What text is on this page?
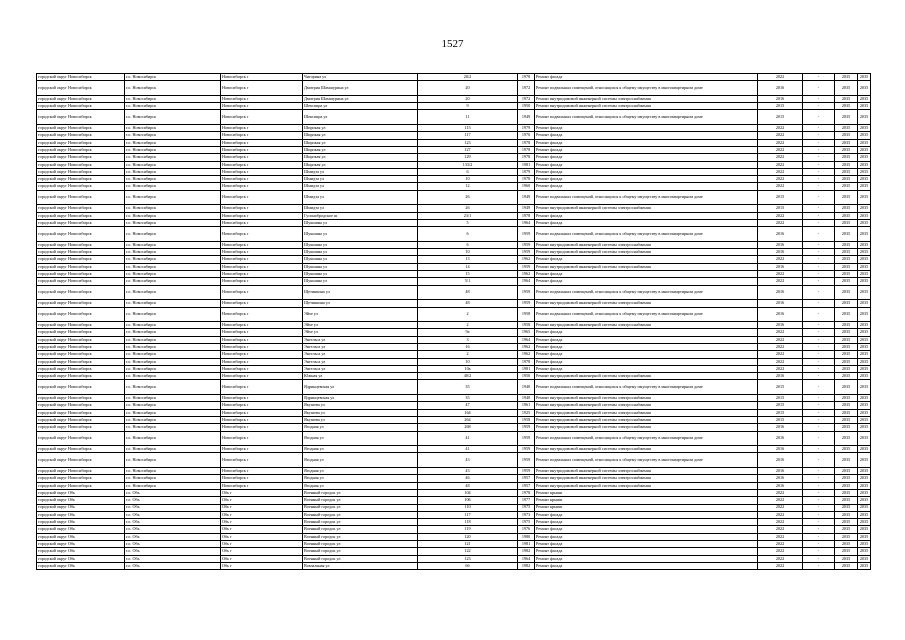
1527
городской округ Новосибирск	г.о. Новосибирск	Новосибирск г	Чигорина ул	20/2	1978	Ремонт фасада	2022	-	2035	2035
городской округ Новосибирск	г.о. Новосибирск	Новосибирск г	Дмитрия Шамшурина ул	20	1972	Ремонт подвальных помещений, относящихся к общему имуществу в многоквартирном доме	2016	-	2035	2035
городской округ Новосибирск	г.о. Новосибирск	Новосибирск г	Дмитрия Шамшурина ул	20	1972	Ремонт внутридомовой инженерной системы электроснабжения	2016	-	2035	2035
городской округ Новосибирск	г.о. Новосибирск	Новосибирск г	Шекспира ул	9	1950	Ремонт внутридомовой инженерной системы электроснабжения	2015	-	2035	2035
городской округ Новосибирск	г.о. Новосибирск	Новосибирск г	Шекспира ул	11	1949	Ремонт подвальных помещений, относящихся к общему имуществу в многоквартирном доме	2015	-	2035	2035
городской округ Новосибирск	г.о. Новосибирск	Новосибирск г	Широкая ул	115	1979	Ремонт фасада	2022	-	2035	2035
городской округ Новосибирск	г.о. Новосибирск	Новосибирск г	Широкая ул	117	1976	Ремонт фасада	2022	-	2035	2035
городской округ Новосибирск	г.о. Новосибирск	Новосибирск г	Широкая ул	123	1978	Ремонт фасада	2022	-	2035	2035
городской округ Новосибирск	г.о. Новосибирск	Новосибирск г	Широкая ул	127	1978	Ремонт фасада	2022	-	2035	2035
городской округ Новосибирск	г.о. Новосибирск	Новосибирск г	Широкая ул	129	1978	Ремонт фасада	2022	-	2035	2035
городской округ Новосибирск	г.о. Новосибирск	Новосибирск г	Широкая ул	133/2	1981	Ремонт фасада	2022	-	2035	2035
городской округ Новосибирск	г.о. Новосибирск	Новосибирск г	Шмидта ул	6	1979	Ремонт фасада	2022	-	2035	2035
городской округ Новосибирск	г.о. Новосибирск	Новосибирск г	Шмидта ул	10	1978	Ремонт фасада	2022	-	2035	2035
городской округ Новосибирск	г.о. Новосибирск	Новосибирск г	Шмидта ул	12	1960	Ремонт фасада	2022	-	2035	2035
городской округ Новосибирск	г.о. Новосибирск	Новосибирск г	Шмидта ул	26	1949	Ремонт подвальных помещений, относящихся к общему имуществу в многоквартирном доме	2015	-	2035	2035
городской округ Новосибирск	г.о. Новосибирск	Новосибирск г	Шмидта ул	26	1949	Ремонт внутридомовой инженерной системы электроснабжения	2015	-	2035	2035
городской округ Новосибирск	г.о. Новосибирск	Новосибирск г	Гусинобродское ш	23/1	1978	Ремонт фасада	2022	-	2035	2035
городской округ Новосибирск	г.о. Новосибирск	Новосибирск г	Шукшина ул	5	1964	Ремонт фасада	2022	-	2035	2035
городской округ Новосибирск	г.о. Новосибирск	Новосибирск г	Шукшина ул	6	1959	Ремонт подвальных помещений, относящихся к общему имуществу в многоквартирном доме	2016	-	2035	2035
городской округ Новосибирск	г.о. Новосибирск	Новосибирск г	Шукшина ул	6	1959	Ремонт внутридомовой инженерной системы электроснабжения	2016	-	2035	2035
городской округ Новосибирск	г.о. Новосибирск	Новосибирск г	Шукшина ул	10	1959	Ремонт внутридомовой инженерной системы электроснабжения	2016	-	2035	2035
городской округ Новосибирск	г.о. Новосибирск	Новосибирск г	Шукшина ул	13	1962	Ремонт фасада	2022	-	2035	2035
городской округ Новосибирск	г.о. Новосибирск	Новосибирск г	Шукшина ул	14	1959	Ремонт внутридомовой инженерной системы электроснабжения	2016	-	2035	2035
городской округ Новосибирск	г.о. Новосибирск	Новосибирск г	Шукшина ул	15	1962	Ремонт фасада	2022	-	2035	2035
городской округ Новосибирск	г.о. Новосибирск	Новосибирск г	Шукшина ул	5/1	1964	Ремонт фасада	2022	-	2035	2035
городской округ Новосибирск	г.о. Новосибирск	Новосибирск г	Щетинкина ул	48	1959	Ремонт подвальных помещений, относящихся к общему имуществу в многоквартирном доме	2016	-	2035	2035
городской округ Новосибирск	г.о. Новосибирск	Новосибирск г	Щетинкина ул	48	1959	Ремонт внутридомовой инженерной системы электроснабжения	2016	-	2035	2035
городской округ Новосибирск	г.о. Новосибирск	Новосибирск г	Эйхе ул	2	1958	Ремонт подвальных помещений, относящихся к общему имуществу в многоквартирном доме	2016	-	2035	2035
городской округ Новосибирск	г.о. Новосибирск	Новосибирск г	Эйхе ул	2	1958	Ремонт внутридомовой инженерной системы электроснабжения	2016	-	2035	2035
городской округ Новосибирск	г.о. Новосибирск	Новосибирск г	Эйхе ул	9а	1965	Ремонт фасада	2022	-	2035	2035
городской округ Новосибирск	г.о. Новосибирск	Новосибирск г	Энгельса ул	3	1964	Ремонт фасада	2022	-	2035	2035
городской округ Новосибирск	г.о. Новосибирск	Новосибирск г	Энгельса ул	16	1962	Ремонт фасада	2022	-	2035	2035
городской округ Новосибирск	г.о. Новосибирск	Новосибирск г	Энгельса ул	2	1962	Ремонт фасада	2022	-	2035	2035
городской округ Новосибирск	г.о. Новосибирск	Новосибирск г	Энгельса ул	10	1978	Ремонт фасада	2022	-	2035	2035
городской округ Новосибирск	г.о. Новосибирск	Новосибирск г	Энгельса ул	10а	1981	Ремонт фасада	2022	-	2035	2035
городской округ Новосибирск	г.о. Новосибирск	Новосибирск г	Южная ул	40/2	1950	Ремонт внутридомовой инженерной системы электроснабжения	2016	-	2035	2035
городской округ Новосибирск	г.о. Новосибирск	Новосибирск г	Ядринцевская ул	35	1940	Ремонт подвальных помещений, относящихся к общему имуществу в многоквартирном доме	2015	-	2035	2035
городской округ Новосибирск	г.о. Новосибирск	Новосибирск г	Ядринцевская ул	35	1940	Ремонт внутридомовой инженерной системы электроснабжения	2015	-	2035	2035
городской округ Новосибирск	г.о. Новосибирск	Новосибирск г	Якушева ул	47	1961	Ремонт внутридомовой инженерной системы электроснабжения	2015	-	2035	2035
городской округ Новосибирск	г.о. Новосибирск	Новосибирск г	Якушева ул	164	1925	Ремонт внутридомовой инженерной системы электроснабжения	2015	-	2035	2035
городской округ Новосибирск	г.о. Новосибирск	Новосибирск г	Якушева ул	264	1958	Ремонт внутридомовой инженерной системы электроснабжения	2015	-	2035	2035
городской округ Новосибирск	г.о. Новосибирск	Новосибирск г	Ягодная ул	268	1959	Ремонт внутридомовой инженерной системы электроснабжения	2016	-	2035	2035
городской округ Новосибирск	г.о. Новосибирск	Новосибирск г	Ягодная ул	41	1959	Ремонт подвальных помещений, относящихся к общему имуществу в многоквартирном доме	2016	-	2035	2035
городской округ Новосибирск	г.о. Новосибирск	Новосибирск г	Ягодная ул	41	1959	Ремонт внутридомовой инженерной системы электроснабжения	2016	-	2035	2035
городской округ Новосибирск	г.о. Новосибирск	Новосибирск г	Ягодная ул	43	1959	Ремонт подвальных помещений, относящихся к общему имуществу в многоквартирном доме	2016	-	2035	2035
городской округ Новосибирск	г.о. Новосибирск	Новосибирск г	Ягодная ул	43	1959	Ремонт внутридомовой инженерной системы электроснабжения	2016	-	2035	2035
городской округ Новосибирск	г.о. Новосибирск	Новосибирск г	Ягодная ул	46	1957	Ремонт внутридомовой инженерной системы электроснабжения	2016	-	2035	2035
городской округ Новосибирск	г.о. Новосибирск	Новосибирск г	Ягодная ул	48	1957	Ремонт внутридомовой инженерной системы электроснабжения	2016	-	2035	2035
городской округ Обь	г.о. Обь	Обь г	Военный городок ул	104	1978	Ремонт крыши	2022	-	2035	2035
городской округ Обь	г.о. Обь	Обь г	Военный городок ул	106	1977	Ремонт крыши	2022	-	2035	2035
городской округ Обь	г.о. Обь	Обь г	Военный городок ул	110	1975	Ремонт крыши	2022	-	2035	2035
городской округ Обь	г.о. Обь	Обь г	Военный городок ул	117	1973	Ремонт фасада	2022	-	2035	2035
городской округ Обь	г.о. Обь	Обь г	Военный городок ул	118	1975	Ремонт фасада	2022	-	2035	2035
городской округ Обь	г.о. Обь	Обь г	Военный городок ул	119	1976	Ремонт фасада	2022	-	2035	2035
городской округ Обь	г.о. Обь	Обь г	Военный городок ул	120	1980	Ремонт фасада	2022	-	2035	2035
городской округ Обь	г.о. Обь	Обь г	Военный городок ул	121	1981	Ремонт фасада	2022	-	2035	2035
городской округ Обь	г.о. Обь	Обь г	Военный городок ул	122	1982	Ремонт фасада	2022	-	2035	2035
городской округ Обь	г.о. Обь	Обь г	Военный городок ул	123	1964	Ремонт фасада	2022	-	2035	2035
городской округ Обь	г.о. Обь	Обь г	Вокзальная ул	66	1982	Ремонт фасада	2022	-	2035	2035
